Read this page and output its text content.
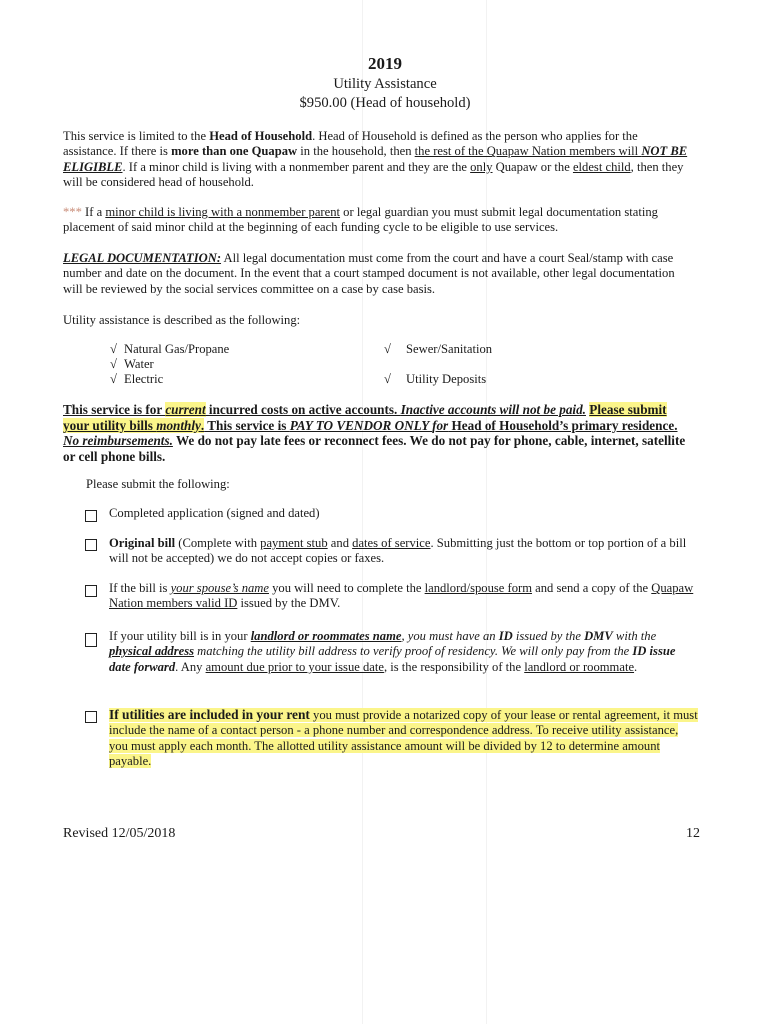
2019
Utility Assistance
$950.00 (Head of household)
This service is limited to the Head of Household. Head of Household is defined as the person who applies for the assistance. If there is more than one Quapaw in the household, then the rest of the Quapaw Nation members will NOT BE ELIGIBLE. If a minor child is living with a nonmember parent and they are the only Quapaw or the eldest child, then they will be considered head of household.
*** If a minor child is living with a nonmember parent or legal guardian you must submit legal documentation stating placement of said minor child at the beginning of each funding cycle to be eligible to use services.
LEGAL DOCUMENTATION: All legal documentation must come from the court and have a court Seal/stamp with case number and date on the document. In the event that a court stamped document is not available, other legal documentation will be reviewed by the social services committee on a case by case basis.
Utility assistance is described as the following:
√ Natural Gas/Propane
√ Water
√ Electric
√ Sewer/Sanitation
√ Utility Deposits
This service is for current incurred costs on active accounts. Inactive accounts will not be paid. Please submit your utility bills monthly. This service is PAY TO VENDOR ONLY for Head of Household’s primary residence. No reimbursements. We do not pay late fees or reconnect fees. We do not pay for phone, cable, internet, satellite or cell phone bills.
Please submit the following:
Completed application (signed and dated)
Original bill (Complete with payment stub and dates of service. Submitting just the bottom or top portion of a bill will not be accepted) we do not accept copies or faxes.
If the bill is your spouse’s name you will need to complete the landlord/spouse form and send a copy of the Quapaw Nation members valid ID issued by the DMV.
If your utility bill is in your landlord or roommates name, you must have an ID issued by the DMV with the physical address matching the utility bill address to verify proof of residency. We will only pay from the ID issue date forward. Any amount due prior to your issue date, is the responsibility of the landlord or roommate.
If utilities are included in your rent you must provide a notarized copy of your lease or rental agreement, it must include the name of a contact person - a phone number and correspondence address. To receive utility assistance, you must apply each month. The allotted utility assistance amount will be divided by 12 to determine amount payable.
Revised 12/05/2018	12
